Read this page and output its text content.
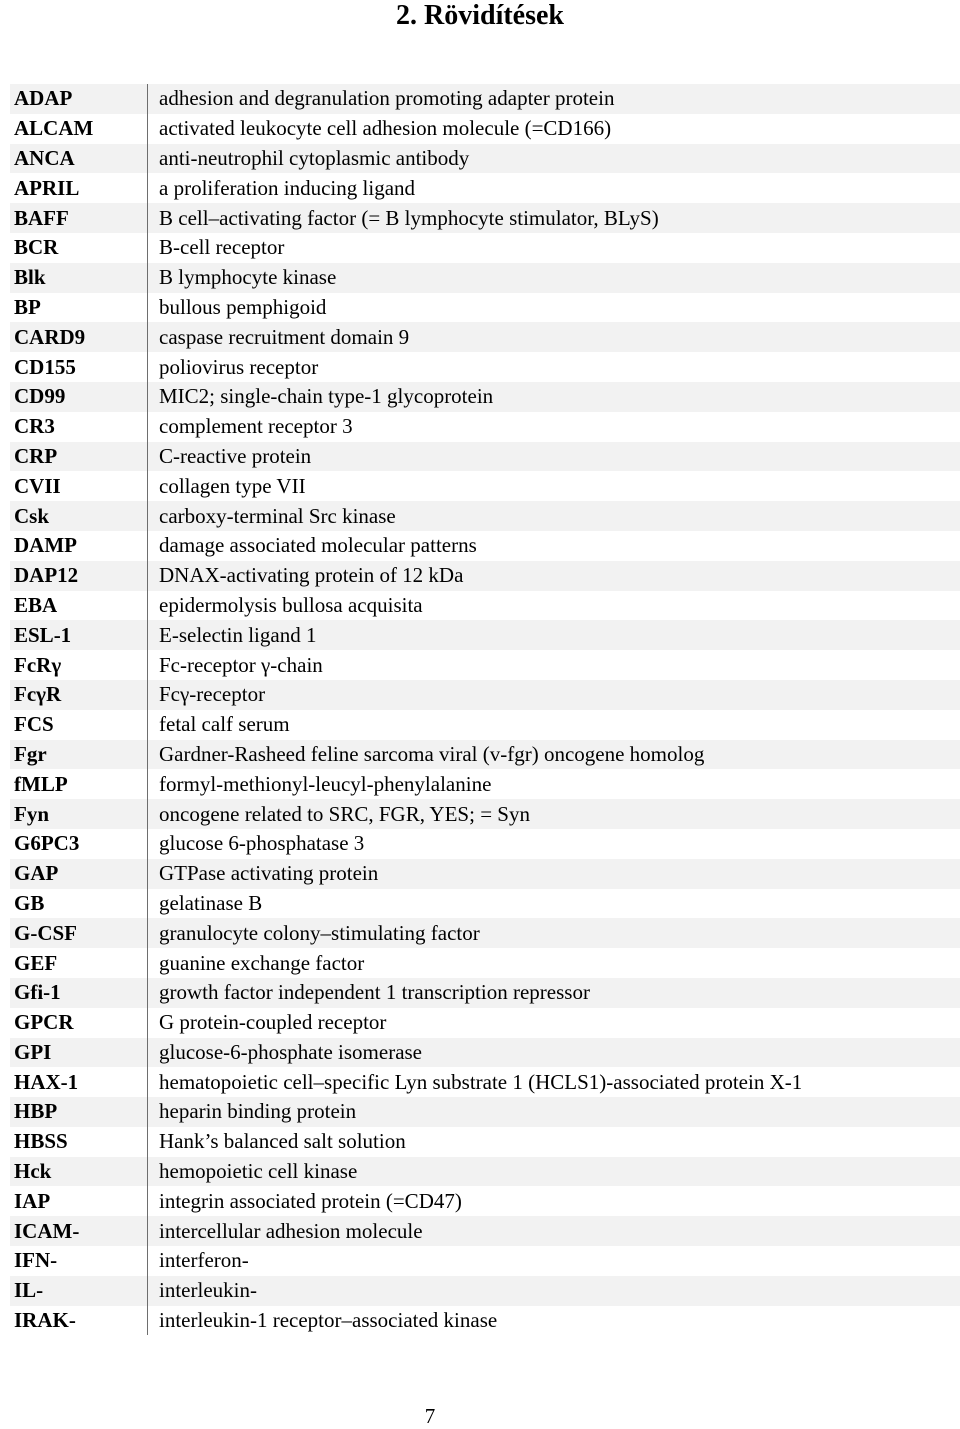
2. Rövidítések
ADAP	adhesion and degranulation promoting adapter protein
ALCAM	activated leukocyte cell adhesion molecule (=CD166)
ANCA	anti-neutrophil cytoplasmic antibody
APRIL	a proliferation inducing ligand
BAFF	B cell–activating factor (= B lymphocyte stimulator, BLyS)
BCR	B-cell receptor
Blk	B lymphocyte kinase
BP	bullous pemphigoid
CARD9	caspase recruitment domain 9
CD155	poliovirus receptor
CD99	MIC2; single-chain type-1 glycoprotein
CR3	complement receptor 3
CRP	C-reactive protein
CVII	collagen type VII
Csk	carboxy-terminal Src kinase
DAMP	damage associated molecular patterns
DAP12	DNAX-activating protein of 12 kDa
EBA	epidermolysis bullosa acquisita
ESL-1	E-selectin ligand 1
FcRγ	Fc-receptor γ-chain
FcγR	Fcγ-receptor
FCS	fetal calf serum
Fgr	Gardner-Rasheed feline sarcoma viral (v-fgr) oncogene homolog
fMLP	formyl-methionyl-leucyl-phenylalanine
Fyn	oncogene related to SRC, FGR, YES; = Syn
G6PC3	glucose 6-phosphatase 3
GAP	GTPase activating protein
GB	gelatinase B
G-CSF	granulocyte colony–stimulating factor
GEF	guanine exchange factor
Gfi-1	growth factor independent 1 transcription repressor
GPCR	G protein-coupled receptor
GPI	glucose-6-phosphate isomerase
HAX-1	hematopoietic cell–specific Lyn substrate 1 (HCLS1)-associated protein X-1
HBP	heparin binding protein
HBSS	Hank’s balanced salt solution
Hck	hemopoietic cell kinase
IAP	integrin associated protein (=CD47)
ICAM-	intercellular adhesion molecule
IFN-	interferon-
IL-	interleukin-
IRAK-	interleukin-1 receptor–associated kinase
7
